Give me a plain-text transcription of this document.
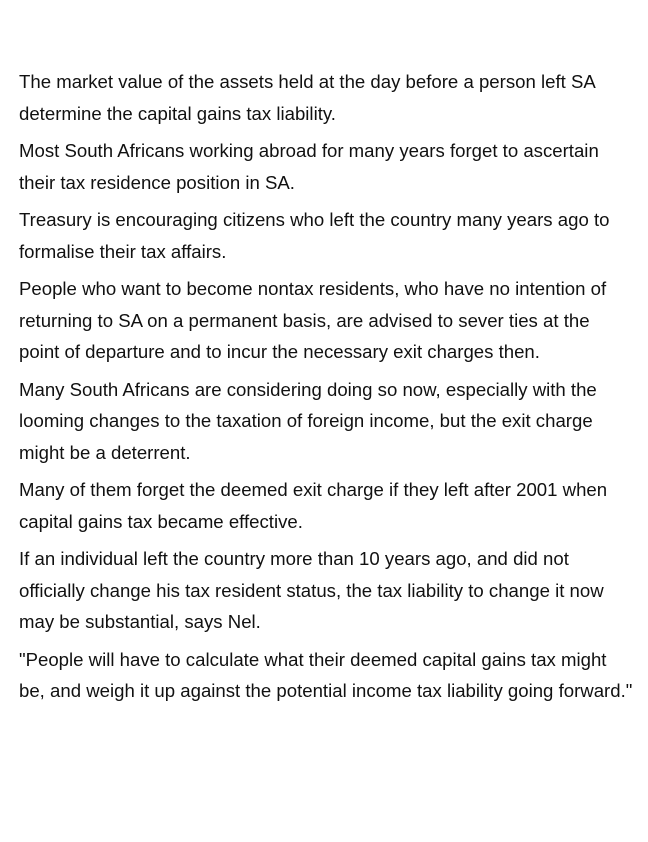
The market value of the assets held at the day before a person left SA determine the capital gains tax liability.

Most South Africans working abroad for many years forget to ascertain their tax residence position in SA.

Treasury is encouraging citizens who left the country many years ago to formalise their tax affairs.

People who want to become nontax residents, who have no intention of returning to SA on a permanent basis, are advised to sever ties at the point of departure and to incur the necessary exit charges then.

Many South Africans are considering doing so now, especially with the looming changes to the taxation of foreign income, but the exit charge might be a deterrent.

Many of them forget the deemed exit charge if they left after 2001 when capital gains tax became effective.

If an individual left the country more than 10 years ago, and did not officially change his tax resident status, the tax liability to change it now may be substantial, says Nel.

"People will have to calculate what their deemed capital gains tax might be, and weigh it up against the potential income tax liability going forward."
